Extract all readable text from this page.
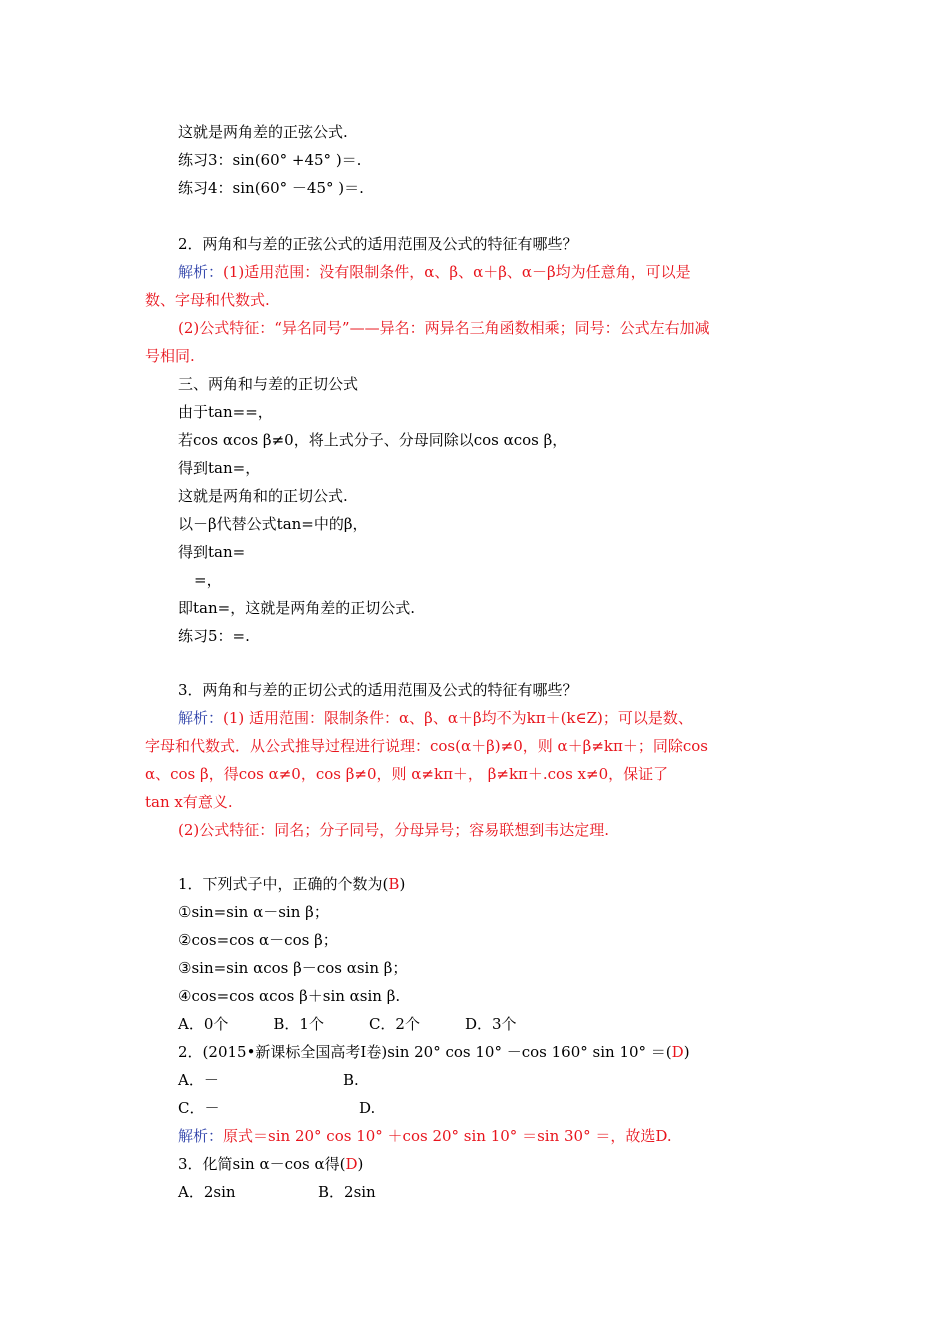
这就是两角差的正弦公式.
练习3：sin(60° +45° )＝.
练习4：sin(60° －45° )＝.
2．两角和与差的正弦公式的适用范围及公式的特征有哪些？
解析：(1)适用范围：没有限制条件，α、β、α＋β、α－β均为任意角，可以是
数、字母和代数式.
(2)公式特征：“异名同号”——异名：两异名三角函数相乘；同号：公式左右加减
号相同.
三、两角和与差的正切公式
由于tan==，
若cos αcos β≠0，将上式分子、分母同除以cos αcos β，
得到tan=，
这就是两角和的正切公式.
以－β代替公式tan=中的β，
得到tan=
=，
即tan=，这就是两角差的正切公式.
练习5：=.
3．两角和与差的正切公式的适用范围及公式的特征有哪些？
解析：(1) 适用范围：限制条件：α、β、α＋β均不为kπ＋(k∈Z)；可以是数、
字母和代数式．从公式推导过程进行说理：cos(α＋β)≠0，则 α＋β≠kπ＋；同除cos
α、cos β，得cos α≠0，cos β≠0，则 α≠kπ＋， β≠kπ＋.cos x≠0，保证了
tan x有意义.
(2)公式特征：同名；分子同号，分母异号；容易联想到韦达定理.
1．下列式子中，正确的个数为(B)
①sin=sin α－sin β；
②cos=cos α－cos β；
③sin=sin αcos β－cos αsin β；
④cos=cos αcos β＋sin αsin β.
A．0个　　　B．1个　　　C．2个　　　D．3个
2．(2015•新课标全国高考Ⅰ卷)sin 20° cos 10° －cos 160° sin 10° ＝(D)
A．－	B.
C．－	D.
解析：原式＝sin 20° cos 10° ＋cos 20° sin 10° ＝sin 30° ＝，故选D.
3．化简sin α－cos α得(D)
A．2sin	B．2sin
